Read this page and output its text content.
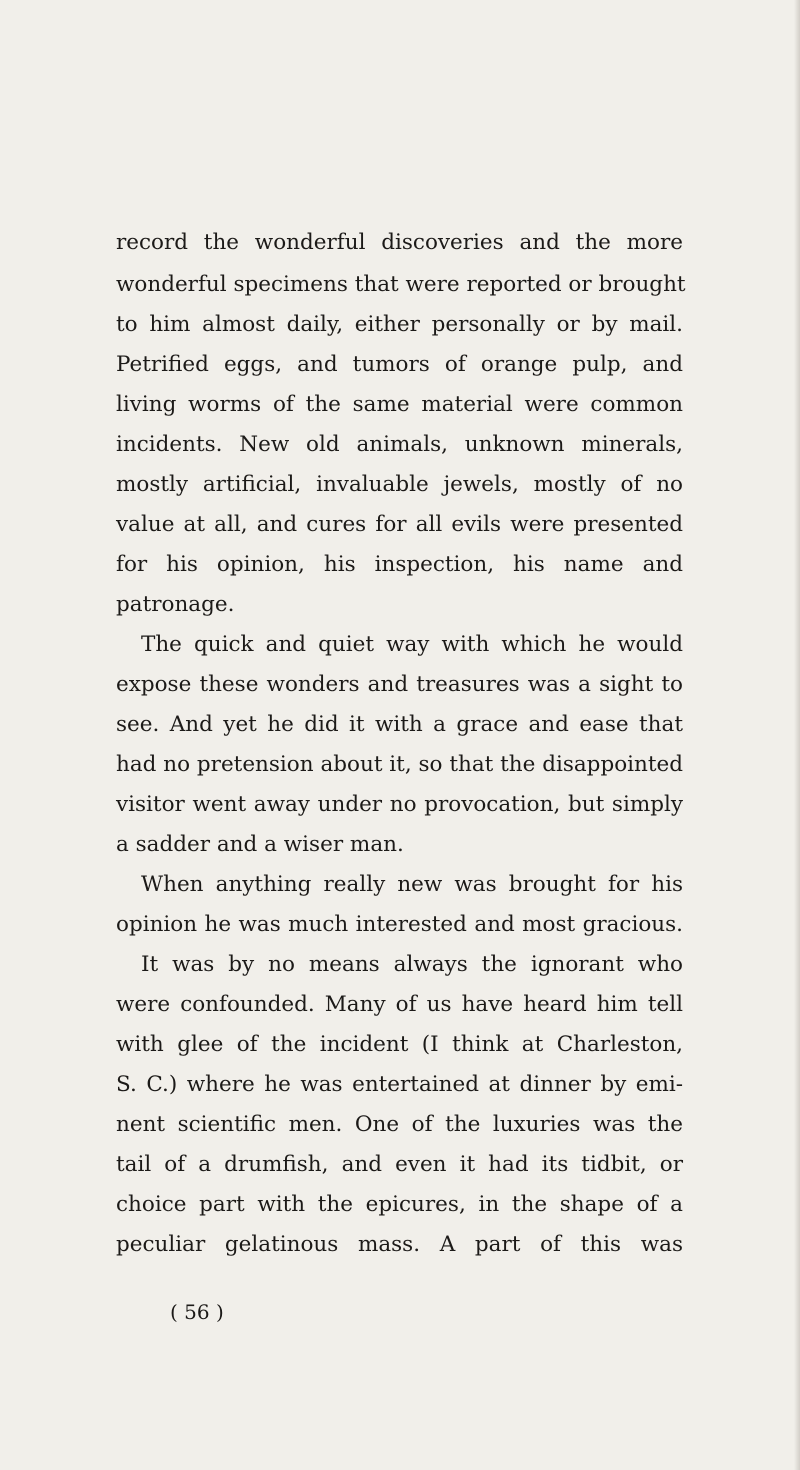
record the wonderful discoveries and the more
wonderful specimens that were reported or brought
to him almost daily, either personally or by mail.
Petrified eggs, and tumors of orange pulp, and
living worms of the same material were common
incidents. New old animals, unknown minerals,
mostly artificial, invaluable jewels, mostly of no
value at all, and cures for all evils were presented
for his opinion, his inspection, his name and
patronage.
The quick and quiet way with which he would
expose these wonders and treasures was a sight to
see. And yet he did it with a grace and ease that
had no pretension about it, so that the disappointed
visitor went away under no provocation, but simply
a sadder and a wiser man.
When anything really new was brought for his
opinion he was much interested and most gracious.
It was by no means always the ignorant who
were confounded. Many of us have heard him tell
with glee of the incident (I think at Charleston,
S. C.) where he was entertained at dinner by emi-
nent scientific men. One of the luxuries was the
tail of a drumfish, and even it had its tidbit, or
choice part with the epicures, in the shape of a
peculiar gelatinous mass. A part of this was
( 56 )
